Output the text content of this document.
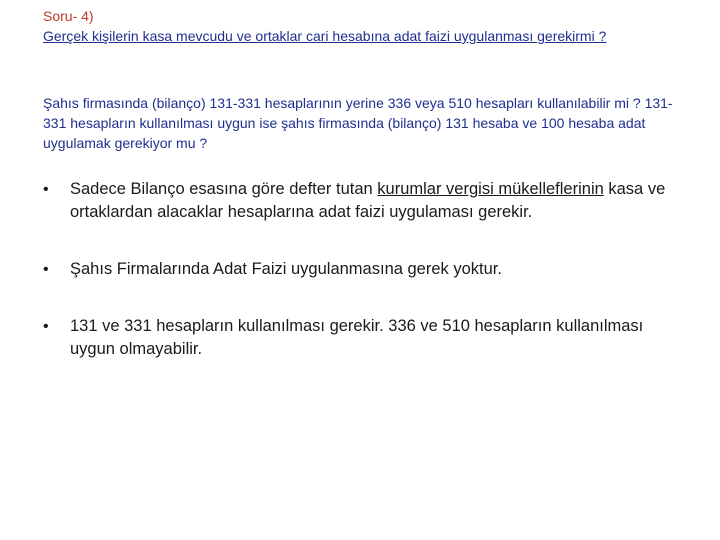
Soru- 4)

Gerçek kişilerin kasa mevcudu ve ortaklar cari hesabına adat faizi uygulanması gerekirmi ?

Şahıs firmasında (bilanço) 131-331 hesaplarının yerine 336 veya 510 hesapları kullanılabilir mi ? 131-331 hesapların kullanılması uygun ise şahıs firmasında (bilanço) 131 hesaba ve 100 hesaba adat uygulamak gerekiyor mu ?

• Sadece Bilanço esasına göre defter tutan kurumlar vergisi mükelleflerinin kasa ve ortaklardan alacaklar hesaplarına adat faizi uygulaması gerekir.
• Şahıs Firmalarında Adat Faizi uygulanmasına gerek yoktur.
• 131 ve 331 hesapların kullanılması gerekir. 336 ve 510 hesapların kullanılması uygun olmayabilir.
